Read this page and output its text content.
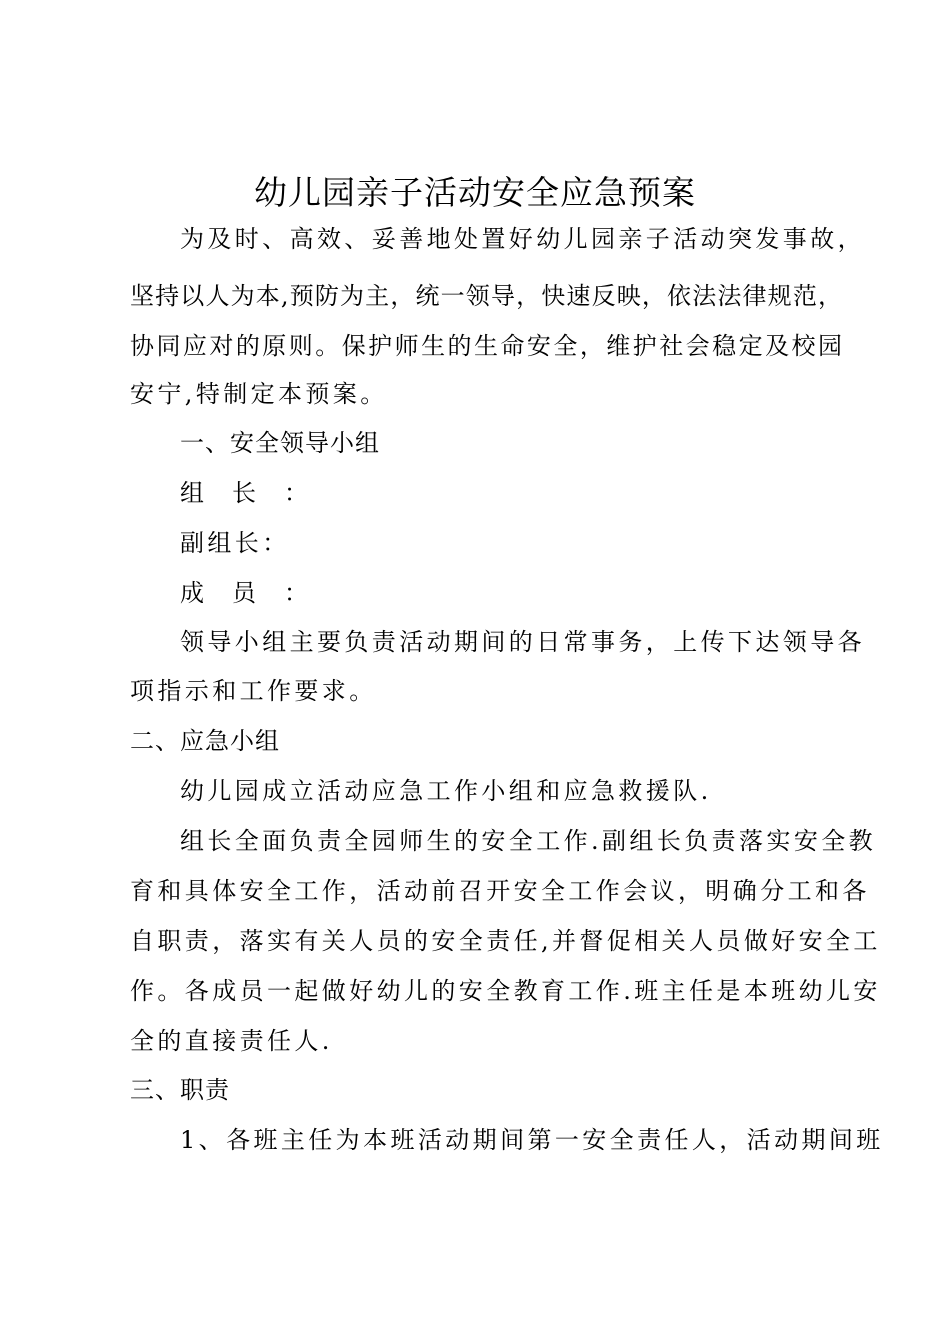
幼儿园亲子活动安全应急预案
为及时、高效、妥善地处置好幼儿园亲子活动突发事故，
坚持以人为本,预防为主，统一领导，快速反映，依法法律规范，
协同应对的原则。保护师生的生命安全，维护社会稳定及校园
安宁,特制定本预案。
一、安全领导小组
组长：
副组长：
成员：
领导小组主要负责活动期间的日常事务，上传下达领导各
项指示和工作要求。
二、应急小组
幼儿园成立活动应急工作小组和应急救援队.
组长全面负责全园师生的安全工作.副组长负责落实安全教
育和具体安全工作，活动前召开安全工作会议，明确分工和各
自职责，落实有关人员的安全责任,并督促相关人员做好安全工
作。各成员一起做好幼儿的安全教育工作.班主任是本班幼儿安
全的直接责任人.
三、职责
1、各班主任为本班活动期间第一安全责任人，活动期间班
